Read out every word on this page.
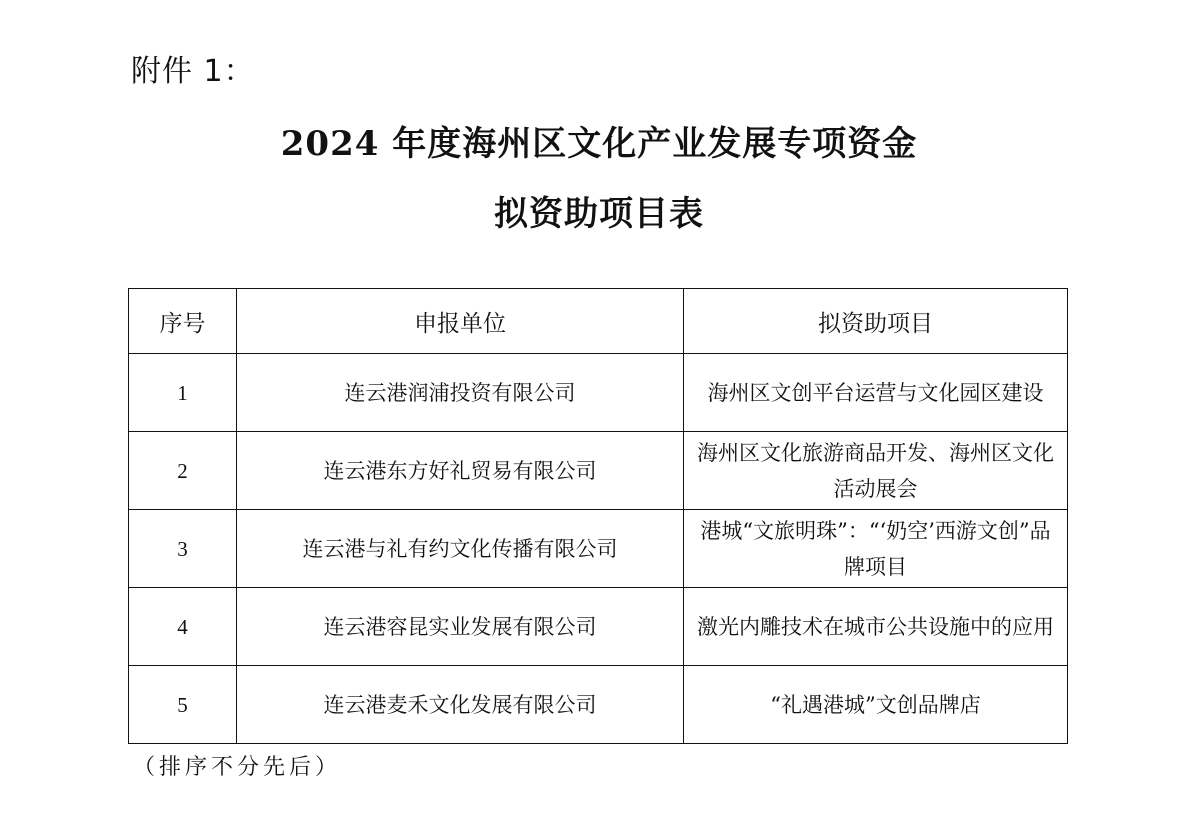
附件 1：
2024 年度海州区文化产业发展专项资金
拟资助项目表
序号	申报单位	拟资助项目
1	连云港润浦投资有限公司	海州区文创平台运营与文化园区建设
2	连云港东方好礼贸易有限公司	海州区文化旅游商品开发、海州区文化活动展会
3	连云港与礼有约文化传播有限公司	港城“文旅明珠”：“‘奶空’西游文创”品牌项目
4	连云港容昆实业发展有限公司	激光内雕技术在城市公共设施中的应用
5	连云港麦禾文化发展有限公司	“礼遇港城”文创品牌店
（排序不分先后）
